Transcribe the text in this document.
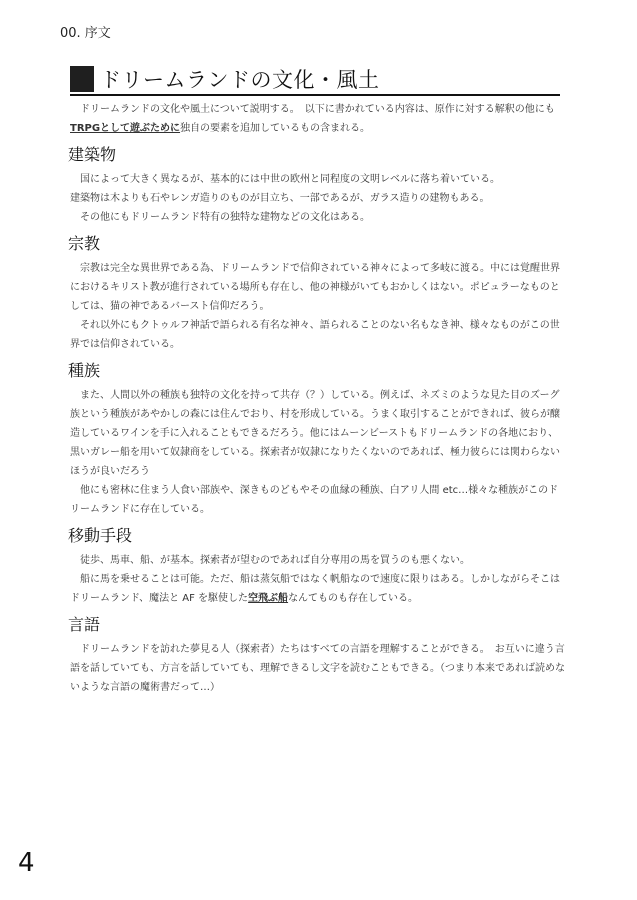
00. 序文
ドリームランドの文化・風土

ドリームランドの文化や風土について説明する。　以下に書かれている内容は、原作に対する解釈の他にもTRPGとして遊ぶために独自の要素を追加しているもの含まれる。

建築物

国によって大きく異なるが、基本的には中世の欧州と同程度の文明レベルに落ち着いている。

建築物は木よりも石やレンガ造りのものが目立ち、一部であるが、ガラス造りの建物もある。

その他にもドリームランド特有の独特な建物などの文化はある。

宗教

宗教は完全な異世界である為、ドリームランドで信仰されている神々によって多岐に渡る。中には覚醒世界におけるキリスト教が進行されている場所も存在し、他の神様がいてもおかしくはない。ポピュラーなものとしては、猫の神であるバースト信仰だろう。

それ以外にもクトゥルフ神話で語られる有名な神々、語られることのない名もなき神、様々なものがこの世界では信仰されている。

種族

また、人間以外の種族も独特の文化を持って共存（？）している。例えば、ネズミのような見た目のズーグ族という種族があやかしの森には住んでおり、村を形成している。うまく取引することができれば、彼らが醸造しているワインを手に入れることもできるだろう。他にはムーンビーストもドリームランドの各地におり、黒いガレー船を用いて奴隷商をしている。探索者が奴隷になりたくないのであれば、極力彼らには関わらないほうが良いだろう

他にも密林に住まう人食い部族や、深きものどもやその血縁の種族、白アリ人間 etc…様々な種族がこのドリームランドに存在している。

移動手段

徒歩、馬車、船、が基本。探索者が望むのであれば自分専用の馬を買うのも悪くない。

船に馬を乗せることは可能。ただ、船は蒸気船ではなく帆船なので速度に限りはある。しかしながらそこはドリームランド、魔法と AF を駆使した空飛ぶ船なんてものも存在している。

言語

ドリームランドを訪れた夢見る人（探索者）たちはすべての言語を理解することができる。　お互いに違う言語を話していても、方言を話していても、理解できるし文字を読むこともできる。（つまり本来であれば読めないような言語の魔術書だって…）

4
